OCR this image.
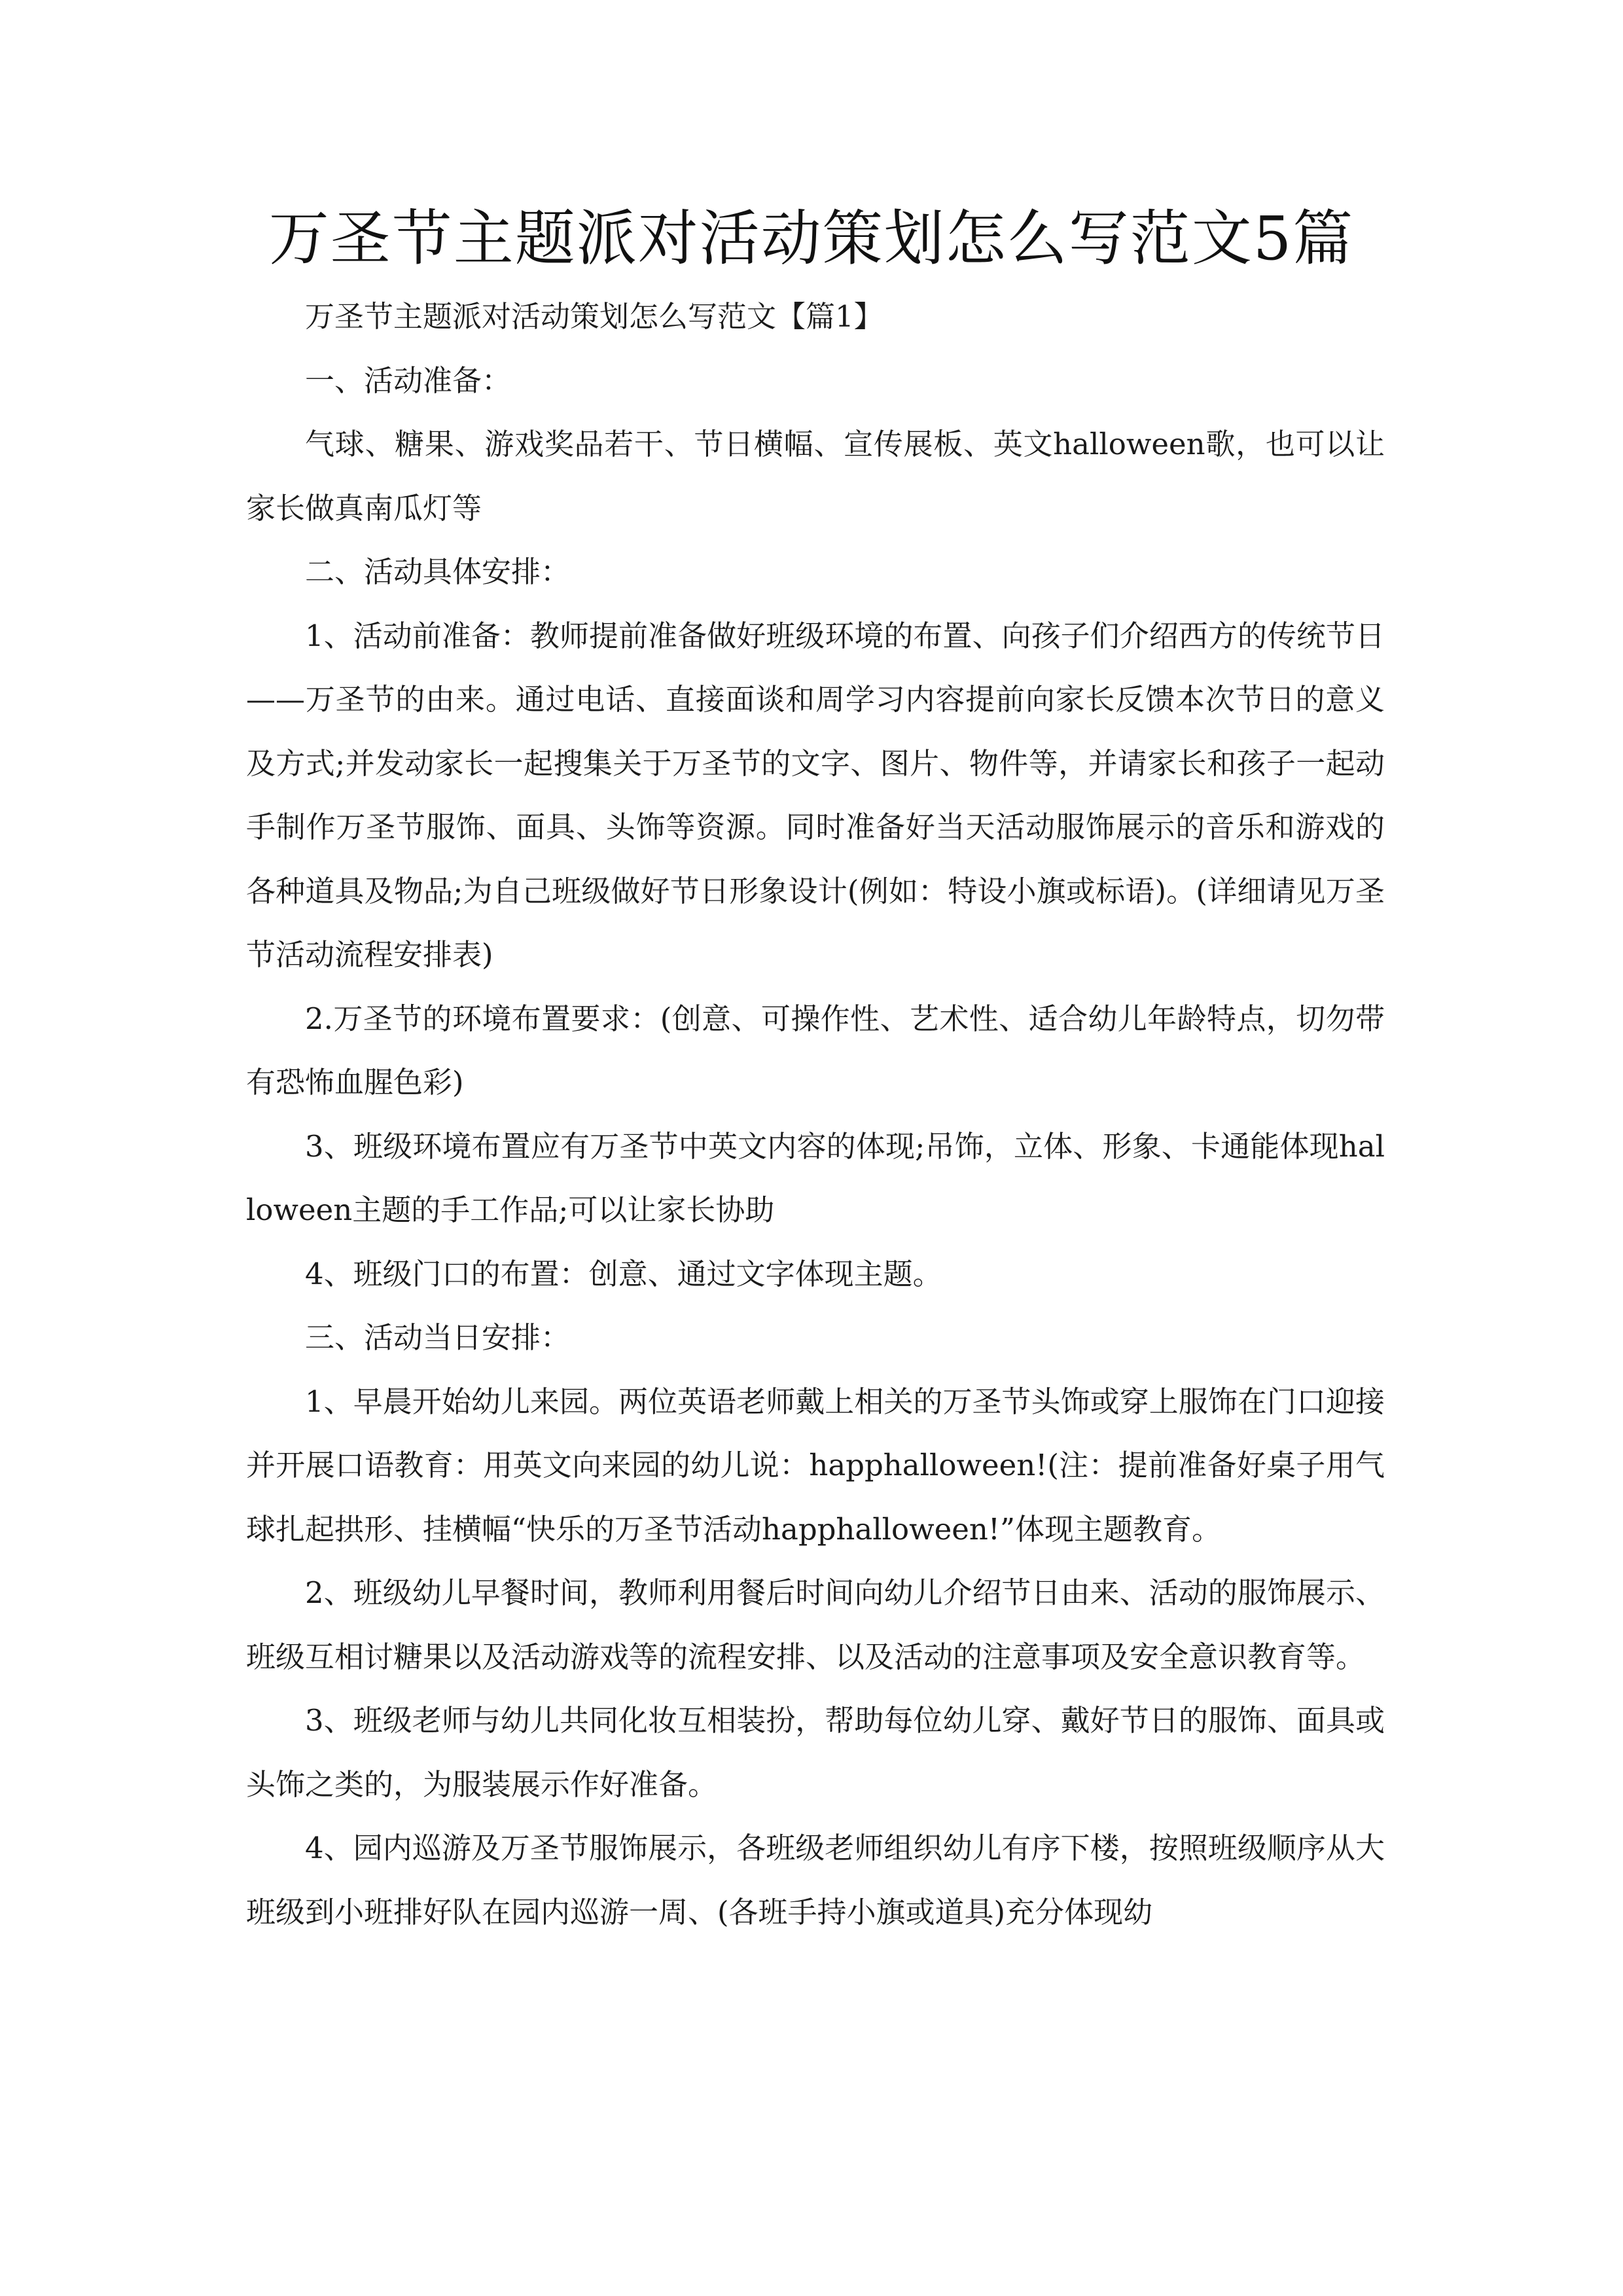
万圣节主题派对活动策划怎么写范文5篇

万圣节主题派对活动策划怎么写范文【篇1】

一、活动准备：

气球、糖果、游戏奖品若干、节日横幅、宣传展板、英文halloween歌，也可以让家长做真南瓜灯等

二、活动具体安排：

1、活动前准备：教师提前准备做好班级环境的布置、向孩子们介绍西方的传统节日——万圣节的由来。通过电话、直接面谈和周学习内容提前向家长反馈本次节日的意义及方式;并发动家长一起搜集关于万圣节的文字、图片、物件等，并请家长和孩子一起动手制作万圣节服饰、面具、头饰等资源。同时准备好当天活动服饰展示的音乐和游戏的各种道具及物品;为自己班级做好节日形象设计(例如：特设小旗或标语)。(详细请见万圣节活动流程安排表)

2.万圣节的环境布置要求：(创意、可操作性、艺术性、适合幼儿年龄特点，切勿带有恐怖血腥色彩)

3、班级环境布置应有万圣节中英文内容的体现;吊饰，立体、形象、卡通能体现halloween主题的手工作品;可以让家长协助

4、班级门口的布置：创意、通过文字体现主题。

三、活动当日安排：

1、早晨开始幼儿来园。两位英语老师戴上相关的万圣节头饰或穿上服饰在门口迎接并开展口语教育：用英文向来园的幼儿说：happhalloween!(注：提前准备好桌子用气球扎起拱形、挂横幅“快乐的万圣节活动happhalloween!”体现主题教育。

2、班级幼儿早餐时间，教师利用餐后时间向幼儿介绍节日由来、活动的服饰展示、班级互相讨糖果以及活动游戏等的流程安排、以及活动的注意事项及安全意识教育等。

3、班级老师与幼儿共同化妆互相装扮，帮助每位幼儿穿、戴好节日的服饰、面具或头饰之类的，为服装展示作好准备。

4、园内巡游及万圣节服饰展示，各班级老师组织幼儿有序下楼，按照班级顺序从大班级到小班排好队在园内巡游一周、(各班手持小旗或道具)充分体现幼
